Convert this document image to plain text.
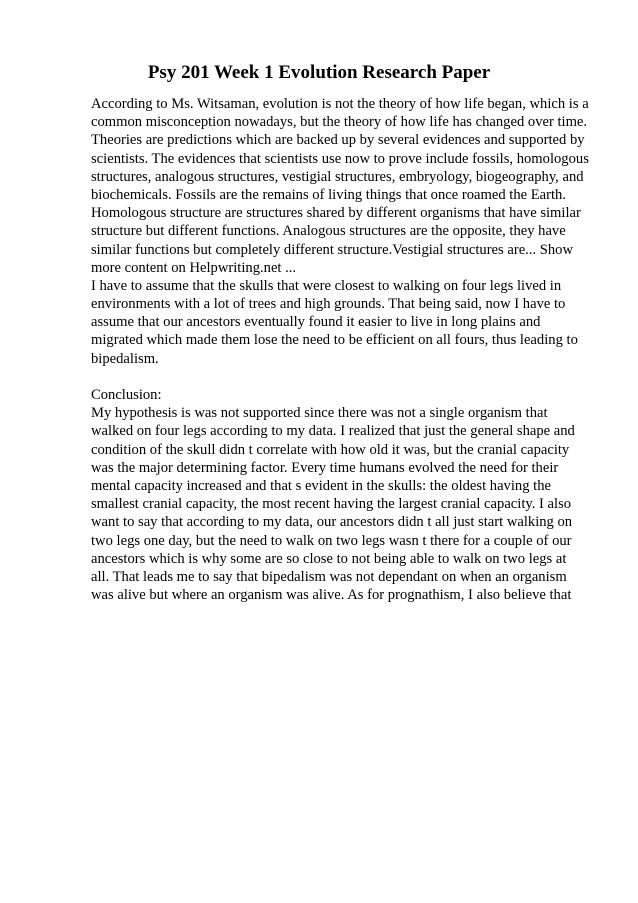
Psy 201 Week 1 Evolution Research Paper
According to Ms. Witsaman, evolution is not the theory of how life began, which is a
common misconception nowadays, but the theory of how life has changed over time.
Theories are predictions which are backed up by several evidences and supported by
scientists. The evidences that scientists use now to prove include fossils, homologous
structures, analogous structures, vestigial structures, embryology, biogeography, and
biochemicals. Fossils are the remains of living things that once roamed the Earth.
Homologous structure are structures shared by different organisms that have similar
structure but different functions. Analogous structures are the opposite, they have
similar functions but completely different structure.Vestigial structures are... Show
more content on Helpwriting.net ...
I have to assume that the skulls that were closest to walking on four legs lived in
environments with a lot of trees and high grounds. That being said, now I have to
assume that our ancestors eventually found it easier to live in long plains and
migrated which made them lose the need to be efficient on all fours, thus leading to
bipedalism.
Conclusion:
My hypothesis is was not supported since there was not a single organism that
walked on four legs according to my data. I realized that just the general shape and
condition of the skull didn t correlate with how old it was, but the cranial capacity
was the major determining factor. Every time humans evolved the need for their
mental capacity increased and that s evident in the skulls: the oldest having the
smallest cranial capacity, the most recent having the largest cranial capacity. I also
want to say that according to my data, our ancestors didn t all just start walking on
two legs one day, but the need to walk on two legs wasn t there for a couple of our
ancestors which is why some are so close to not being able to walk on two legs at
all. That leads me to say that bipedalism was not dependant on when an organism
was alive but where an organism was alive. As for prognathism, I also believe that
